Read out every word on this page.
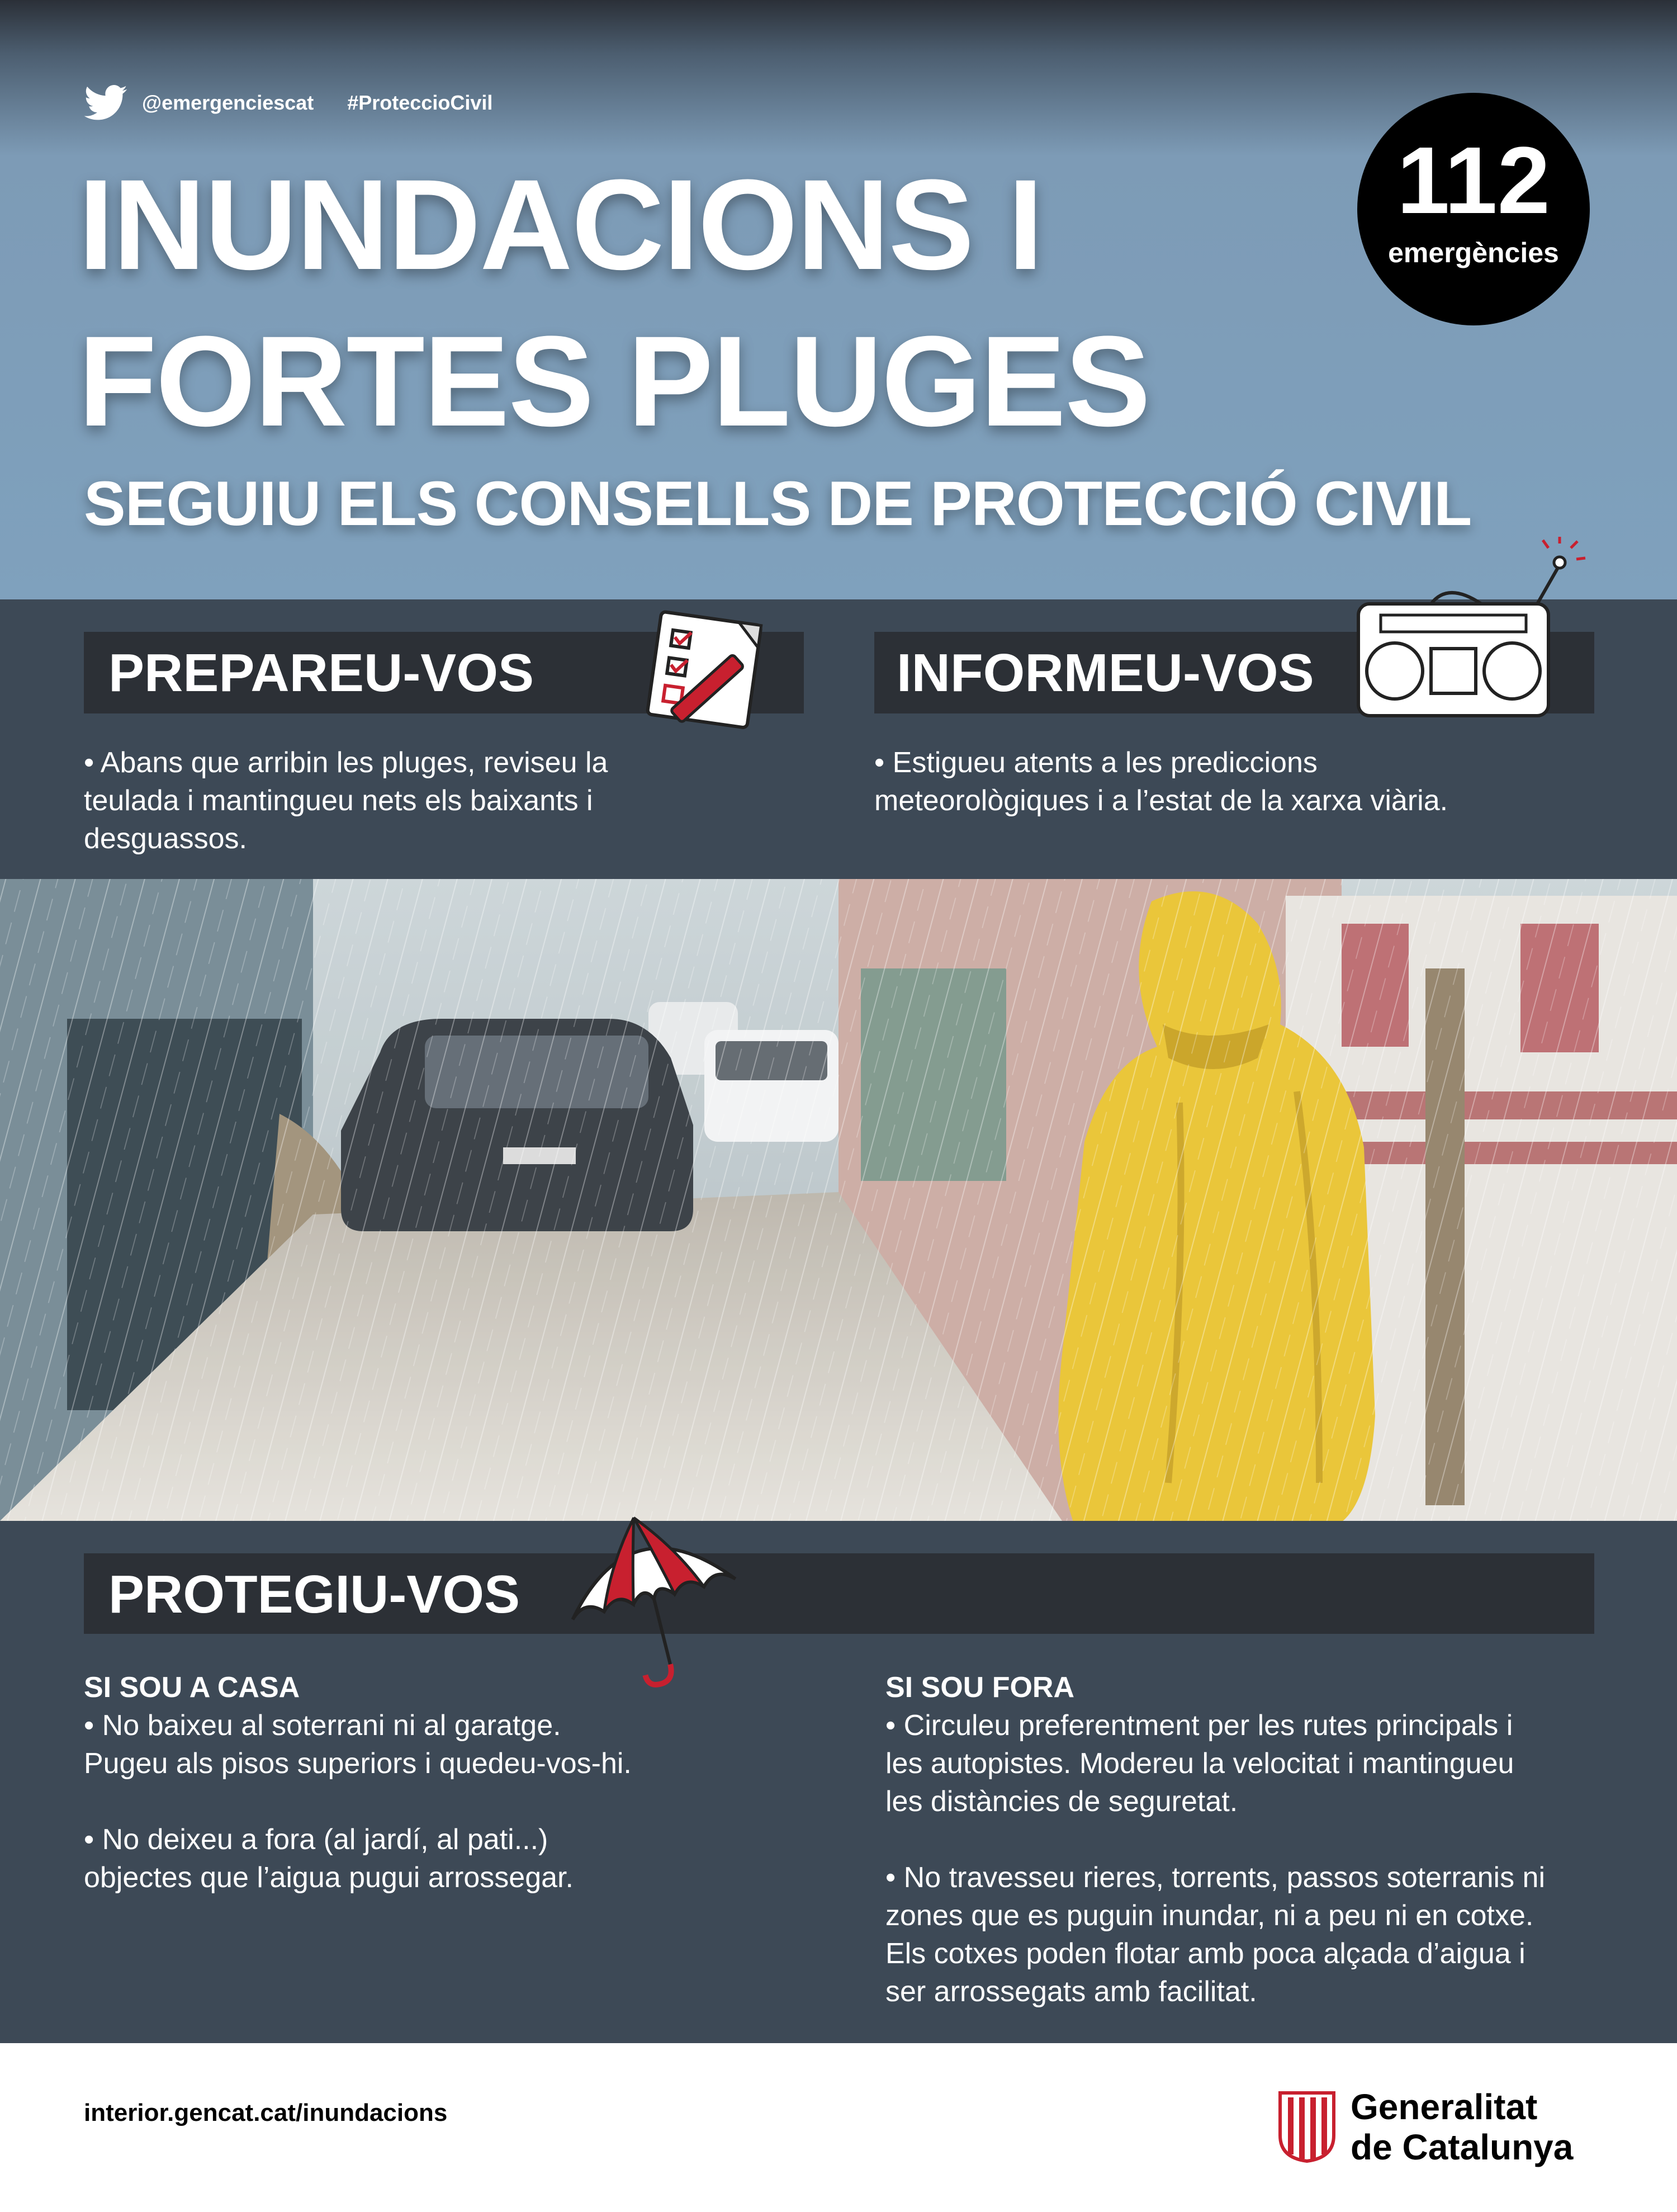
@emergenciescat #ProteccioCivil
INUNDACIONS I
FORTES PLUGES
SEGUIU ELS CONSELLS DE PROTECCIÓ CIVIL
112
emergències
PREPAREU-VOS

• Abans que arribin les pluges, reviseu la

teulada i mantingueu nets els baixants i

desguassos.

INFORMEU-VOS

• Estigueu atents a les prediccions

meteorològiques i a l’estat de la xarxa viària.

PROTEGIU-VOS

SI SOU A CASA

• No baixeu al soterrani ni al garatge.

Pugeu als pisos superiors i quedeu-vos-hi.

• No deixeu a fora (al jardí, al pati...)

objectes que l’aigua pugui arrossegar.

SI SOU FORA

• Circuleu preferentment per les rutes principals i

les autopistes. Modereu la velocitat i mantingueu

les distàncies de seguretat.

• No travesseu rieres, torrents, passos soterranis ni

zones que es puguin inundar, ni a peu ni en cotxe.

Els cotxes poden flotar amb poca alçada d’aigua i

ser arrossegats amb facilitat.

interior.gencat.cat/inundacions	Generalitat
de Catalunya
